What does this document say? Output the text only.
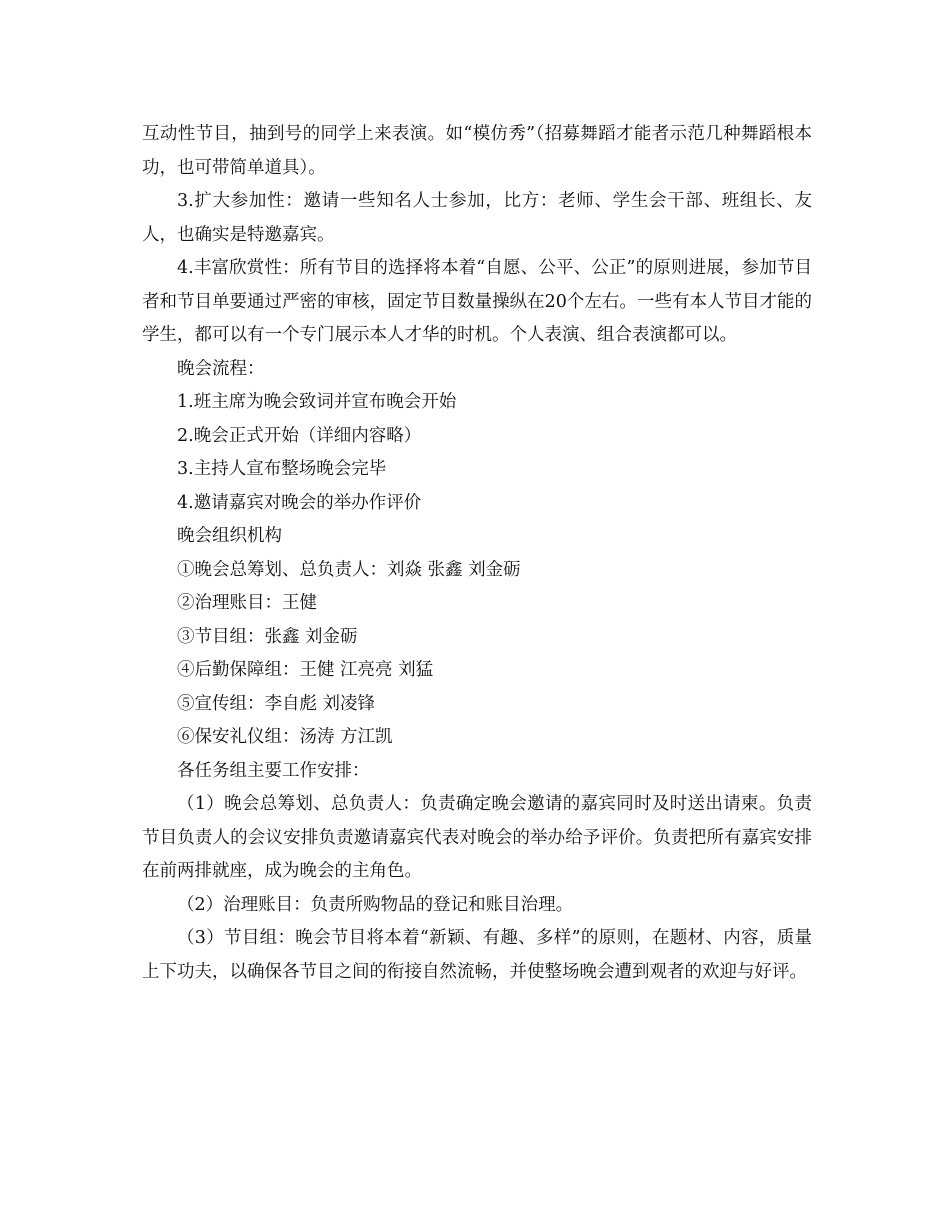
互动性节目，抽到号的同学上来表演。如“模仿秀”（招募舞蹈才能者示范几种舞蹈根本功，也可带简单道具）。

3.扩大参加性：邀请一些知名人士参加，比方：老师、学生会干部、班组长、友人，也确实是特邀嘉宾。

4.丰富欣赏性：所有节目的选择将本着“自愿、公平、公正”的原则进展，参加节目者和节目单要通过严密的审核，固定节目数量操纵在20个左右。一些有本人节目才能的学生，都可以有一个专门展示本人才华的时机。个人表演、组合表演都可以。

晚会流程：

1.班主席为晚会致词并宣布晚会开始

2.晚会正式开始（详细内容略）

3.主持人宣布整场晚会完毕

4.邀请嘉宾对晚会的举办作评价

晚会组织机构

①晚会总筹划、总负责人：刘焱 张鑫 刘金砺

②治理账目：王健

③节目组：张鑫 刘金砺

④后勤保障组：王健 江亮亮 刘猛

⑤宣传组：李自彪 刘凌锋

⑥保安礼仪组：汤涛 方江凯

各任务组主要工作安排：

（1）晚会总筹划、总负责人：负责确定晚会邀请的嘉宾同时及时送出请柬。负责节目负责人的会议安排负责邀请嘉宾代表对晚会的举办给予评价。负责把所有嘉宾安排在前两排就座，成为晚会的主角色。

（2）治理账目：负责所购物品的登记和账目治理。

（3）节目组：晚会节目将本着“新颖、有趣、多样”的原则，在题材、内容，质量上下功夫，以确保各节目之间的衔接自然流畅，并使整场晚会遭到观者的欢迎与好评。
